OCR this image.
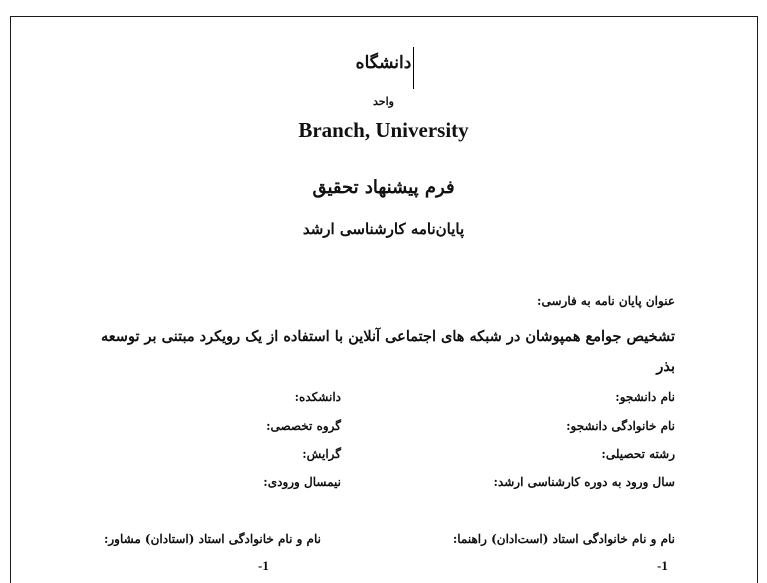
دانشگاه
واحد
Branch, University
فرم پیشنهاد تحقیق
پایان‌نامه کارشناسی ارشد
عنوان پایان نامه به فارسی:
تشخیص جوامع همپوشان در شبکه های اجتماعی آنلاین با استفاده از یک رویکرد مبتنی بر توسعه بذر
نام دانشجو:
دانشکده:
نام خانوادگی دانشجو:
گروه تخصصی:
رشته تحصیلی:
گرایش:
سال ورود به دوره کارشناسی ارشد:
نیمسال ورودی:
نام و نام خانوادگی استاد (است‌ادان) راهنما:
نام و نام خانوادگی استاد (استادان) مشاور:
-1
-1
